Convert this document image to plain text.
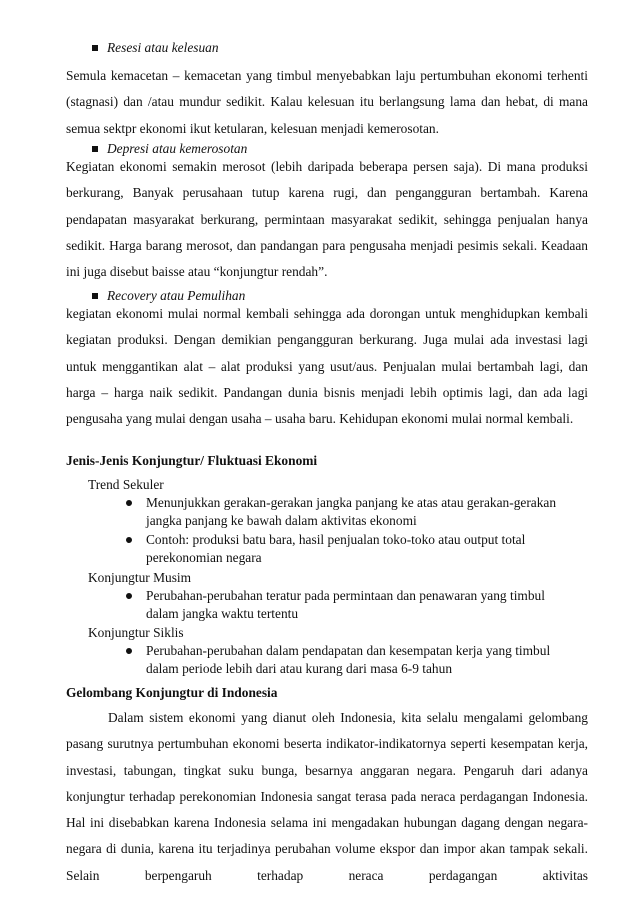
Resesi atau kelesuan

Semula kemacetan – kemacetan yang timbul menyebabkan laju pertumbuhan ekonomi terhenti (stagnasi) dan /atau mundur sedikit. Kalau kelesuan itu berlangsung lama dan hebat, di mana semua sektpr ekonomi ikut ketularan, kelesuan menjadi kemerosotan.

Depresi atau kemerosotan

Kegiatan ekonomi semakin merosot (lebih daripada beberapa persen saja). Di mana produksi berkurang, Banyak perusahaan tutup karena rugi, dan pengangguran bertambah. Karena pendapatan masyarakat berkurang, permintaan masyarakat sedikit, sehingga penjualan hanya sedikit. Harga barang merosot, dan pandangan para pengusaha menjadi pesimis sekali. Keadaan ini juga disebut baisse atau “konjungtur rendah”.

Recovery atau Pemulihan

kegiatan ekonomi mulai normal kembali sehingga ada dorongan untuk menghidupkan kembali kegiatan produksi. Dengan demikian pengangguran berkurang. Juga mulai ada investasi lagi untuk menggantikan alat – alat produksi yang usut/aus. Penjualan mulai bertambah lagi, dan harga – harga naik sedikit. Pandangan dunia bisnis menjadi lebih optimis lagi, dan ada lagi pengusaha yang mulai dengan usaha – usaha baru. Kehidupan ekonomi mulai normal kembali.

Jenis-Jenis Konjungtur/ Fluktuasi Ekonomi
Trend Sekuler

Menunjukkan gerakan-gerakan jangka panjang ke atas atau gerakan-gerakan jangka panjang ke bawah dalam aktivitas ekonomi

Contoh: produksi batu bara, hasil penjualan toko-toko atau output total perekonomian negara

Konjungtur Musim

Perubahan-perubahan teratur pada permintaan dan penawaran yang timbul dalam jangka waktu tertentu

Konjungtur Siklis

Perubahan-perubahan dalam pendapatan dan kesempatan kerja yang timbul dalam periode lebih dari atau kurang dari masa 6-9 tahun

Gelombang Konjungtur di Indonesia

Dalam sistem ekonomi yang dianut oleh Indonesia, kita selalu mengalami gelombang pasang surutnya pertumbuhan ekonomi beserta indikator-indikatornya seperti kesempatan kerja, investasi, tabungan, tingkat suku bunga, besarnya anggaran negara. Pengaruh dari adanya konjungtur terhadap perekonomian Indonesia sangat terasa pada neraca perdagangan Indonesia. Hal ini disebabkan karena Indonesia selama ini mengadakan hubungan dagang dengan negara-negara di dunia, karena itu terjadinya perubahan volume ekspor dan impor akan tampak sekali. Selain berpengaruh terhadap neraca perdagangan aktivitas
